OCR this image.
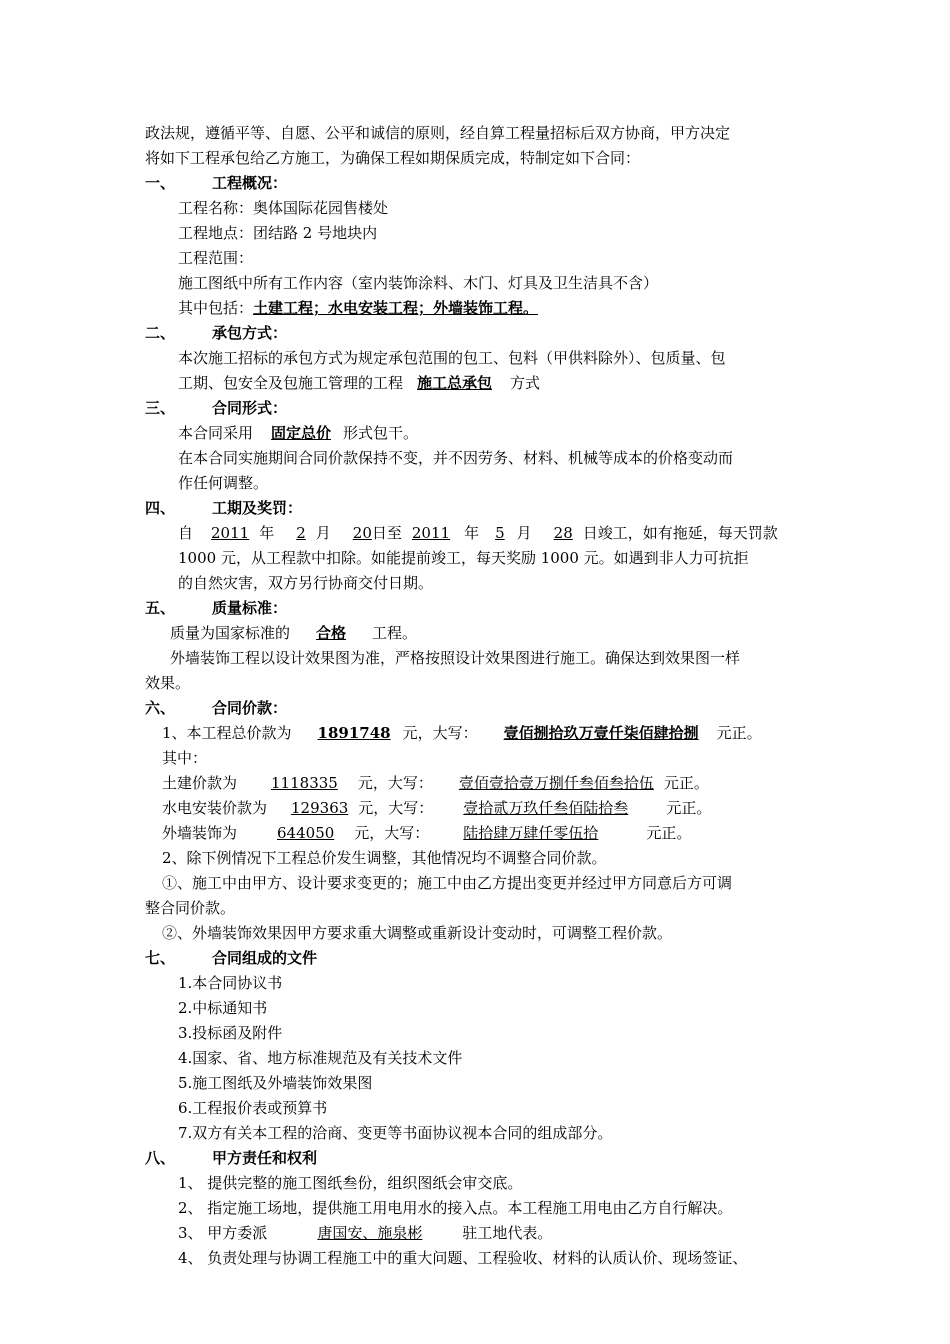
政法规，遵循平等、自愿、公平和诚信的原则，经自算工程量招标后双方协商，甲方决定
将如下工程承包给乙方施工，为确保工程如期保质完成，特制定如下合同：
一、 工程概况：
工程名称：奥体国际花园售楼处
工程地点：团结路 2 号地块内
工程范围：
施工图纸中所有工作内容（室内装饰涂料、木门、灯具及卫生洁具不含）
其中包括：土建工程；水电安装工程；外墙装饰工程。
二、 承包方式：
本次施工招标的承包方式为规定承包范围的包工、包料（甲供料除外）、包质量、包
工期、包安全及包施工管理的工程 施工总承包 方式
三、 合同形式：
本合同采用 固定总价 形式包干。
在本合同实施期间合同价款保持不变，并不因劳务、材料、机械等成本的价格变动而
作任何调整。
四、 工期及奖罚：
自 2011 年 2 月 20日至 2011 年 5 月 28 日竣工，如有拖延，每天罚款
1000 元，从工程款中扣除。如能提前竣工，每天奖励 1000 元。如遇到非人力可抗拒
的自然灾害，双方另行协商交付日期。
五、 质量标准：
质量为国家标准的 合格 工程。
外墙装饰工程以设计效果图为准，严格按照设计效果图进行施工。确保达到效果图一样
效果。
六、 合同价款：
1、本工程总价款为 1891748 元，大写： 壹佰捌拾玖万壹仟柒佰肆拾捌 元正。
其中：
土建价款为 1118335 元，大写： 壹佰壹拾壹万捌仟叁佰叁拾伍 元正。
水电安装价款为 129363 元，大写： 壹拾贰万玖仟叁佰陆拾叁	元正。
外墙装饰为	644050 元，大写： 陆拾肆万肆仟零伍拾	元正。
2、除下例情况下工程总价发生调整，其他情况均不调整合同价款。
①、施工中由甲方、设计要求变更的；施工中由乙方提出变更并经过甲方同意后方可调
整合同价款。
②、外墙装饰效果因甲方要求重大调整或重新设计变动时，可调整工程价款。
七、 合同组成的文件
1.本合同协议书
2.中标通知书
3.投标函及附件
4.国家、省、地方标准规范及有关技术文件
5.施工图纸及外墙装饰效果图
6.工程报价表或预算书
7.双方有关本工程的洽商、变更等书面协议视本合同的组成部分。
八、 甲方责任和权利
1、 提供完整的施工图纸叁份，组织图纸会审交底。
2、 指定施工场地，提供施工用电用水的接入点。本工程施工用电由乙方自行解决。
3、 甲方委派	唐国安、施泉彬	驻工地代表。
4、 负责处理与协调工程施工中的重大问题、工程验收、材料的认质认价、现场签证、
